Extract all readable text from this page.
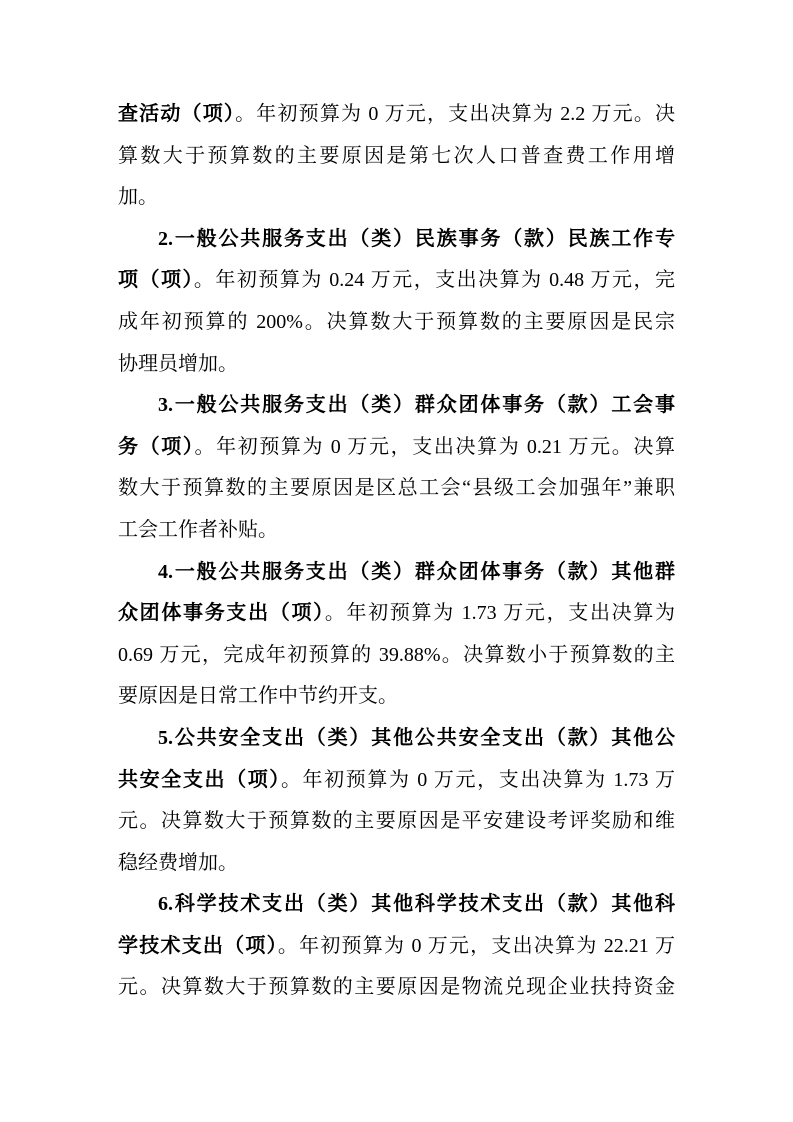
查活动（项）。年初预算为 0 万元，支出决算为 2.2 万元。决
算数大于预算数的主要原因是第七次人口普查费工作用增
加。
2.一般公共服务支出（类）民族事务（款）民族工作专
项（项）。年初预算为 0.24 万元，支出决算为 0.48 万元，完
成年初预算的 200%。决算数大于预算数的主要原因是民宗
协理员增加。
3.一般公共服务支出（类）群众团体事务（款）工会事
务（项）。年初预算为 0 万元，支出决算为 0.21 万元。决算
数大于预算数的主要原因是区总工会“县级工会加强年”兼职
工会工作者补贴。
4.一般公共服务支出（类）群众团体事务（款）其他群
众团体事务支出（项）。年初预算为 1.73 万元，支出决算为
0.69 万元，完成年初预算的 39.88%。决算数小于预算数的主
要原因是日常工作中节约开支。
5.公共安全支出（类）其他公共安全支出（款）其他公
共安全支出（项）。年初预算为 0 万元，支出决算为 1.73 万
元。决算数大于预算数的主要原因是平安建设考评奖励和维
稳经费增加。
6.科学技术支出（类）其他科学技术支出（款）其他科
学技术支出（项）。年初预算为 0 万元，支出决算为 22.21 万
元。决算数大于预算数的主要原因是物流兑现企业扶持资金
